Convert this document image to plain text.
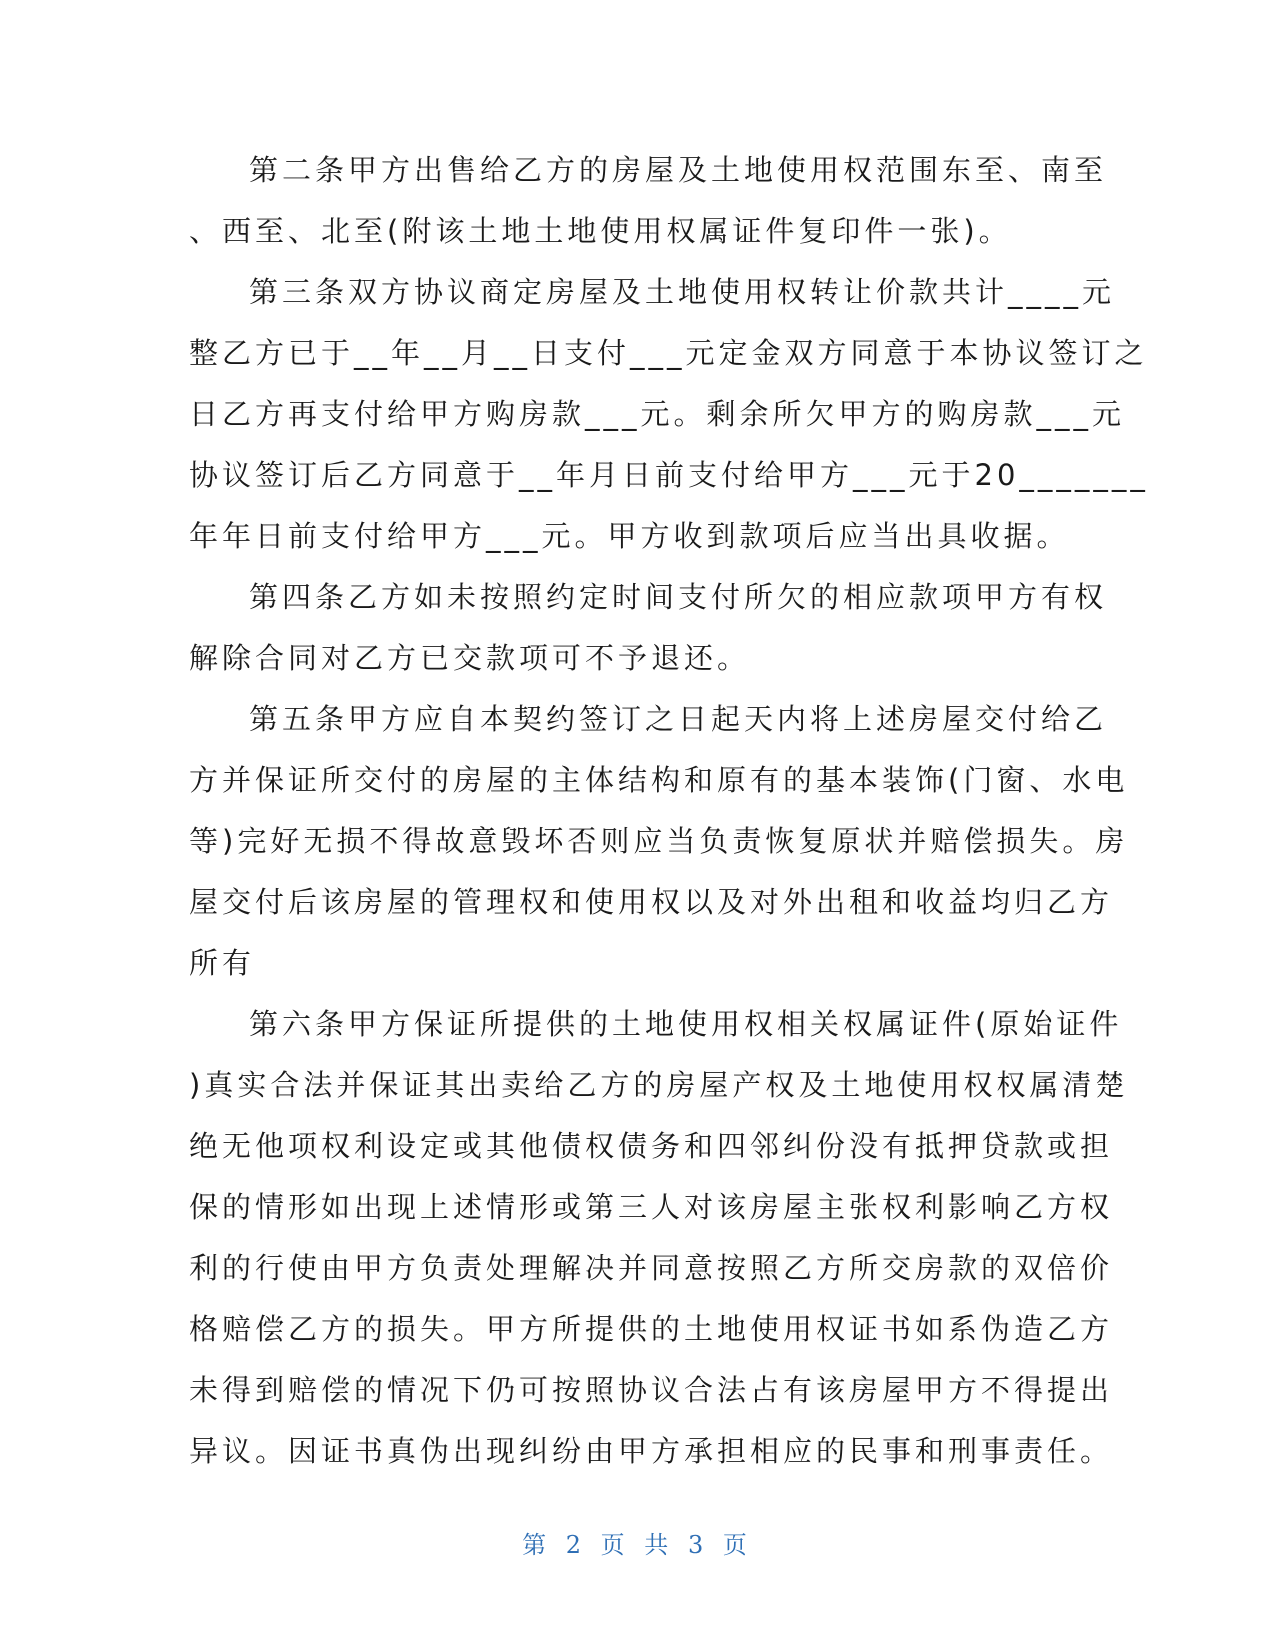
第二条甲方出售给乙方的房屋及土地使用权范围东至、南至
、西至、北至(附该土地土地使用权属证件复印件一张)。
第三条双方协议商定房屋及土地使用权转让价款共计____元
整乙方已于__年__月__日支付___元定金双方同意于本协议签订之
日乙方再支付给甲方购房款___元。剩余所欠甲方的购房款___元
协议签订后乙方同意于__年月日前支付给甲方___元于20_______
年年日前支付给甲方___元。甲方收到款项后应当出具收据。
第四条乙方如未按照约定时间支付所欠的相应款项甲方有权
解除合同对乙方已交款项可不予退还。
第五条甲方应自本契约签订之日起天内将上述房屋交付给乙
方并保证所交付的房屋的主体结构和原有的基本装饰(门窗、水电
等)完好无损不得故意毁坏否则应当负责恢复原状并赔偿损失。房
屋交付后该房屋的管理权和使用权以及对外出租和收益均归乙方
所有
第六条甲方保证所提供的土地使用权相关权属证件(原始证件
)真实合法并保证其出卖给乙方的房屋产权及土地使用权权属清楚
绝无他项权利设定或其他债权债务和四邻纠份没有抵押贷款或担
保的情形如出现上述情形或第三人对该房屋主张权利影响乙方权
利的行使由甲方负责处理解决并同意按照乙方所交房款的双倍价
格赔偿乙方的损失。甲方所提供的土地使用权证书如系伪造乙方
未得到赔偿的情况下仍可按照协议合法占有该房屋甲方不得提出
异议。因证书真伪出现纠纷由甲方承担相应的民事和刑事责任。
第 2 页 共 3 页
